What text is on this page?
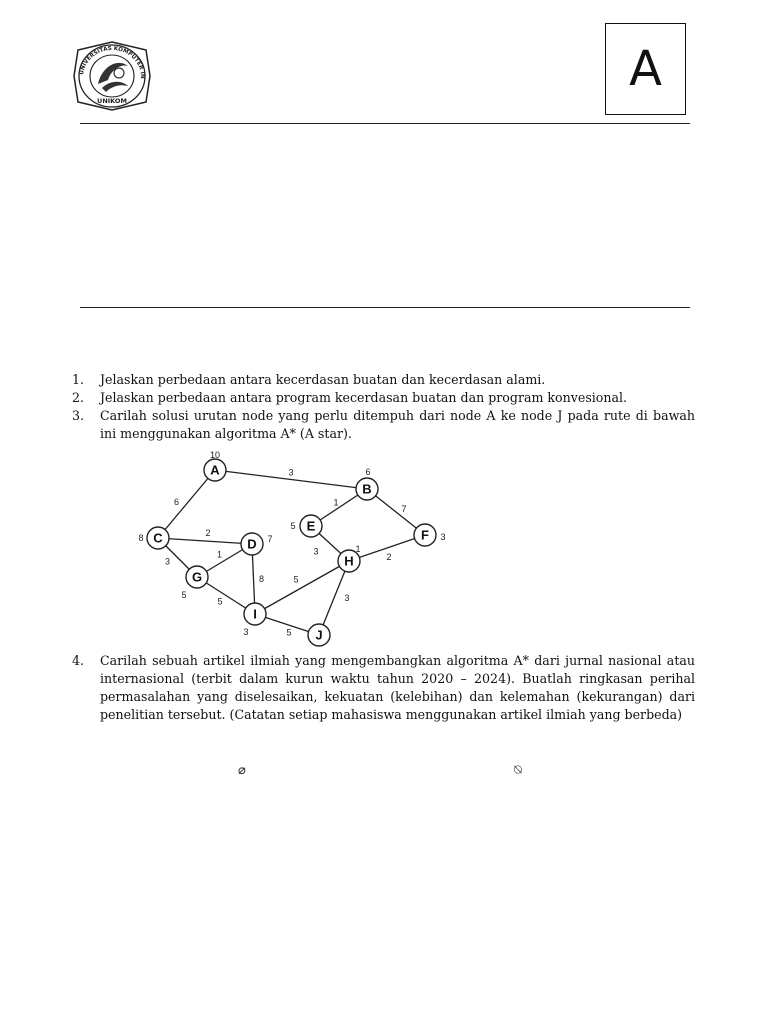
UNIVERSITAS KOMPUTER IN
UNIKOM
A
1.	Jelaskan perbedaan antara kecerdasan buatan dan kecerdasan alami.
2.	Jelaskan perbedaan antara program kecerdasan buatan dan program konvesional.
3.	Carilah solusi urutan node yang perlu ditempuh dari node A ke node J pada rute di bawah ini menggunakan algoritma A* (A star).
3
6	1
7
2
3
1
8
3
2
5
5
3
5
A
10
B
6
C
8	D 7
E
5
F 3
G
5
H
1
I
3	J
4.	Carilah sebuah artikel ilmiah yang mengembangkan algoritma A* dari jurnal nasional atau internasional (terbit dalam kurun waktu tahun 2020 – 2024). Buatlah ringkasan perihal permasalahan yang diselesaikan, kekuatan (kelebihan) dan kelemahan (kekurangan) dari penelitian tersebut. (Catatan setiap mahasiswa menggunakan artikel ilmiah yang berbeda)
⌀	⍉
